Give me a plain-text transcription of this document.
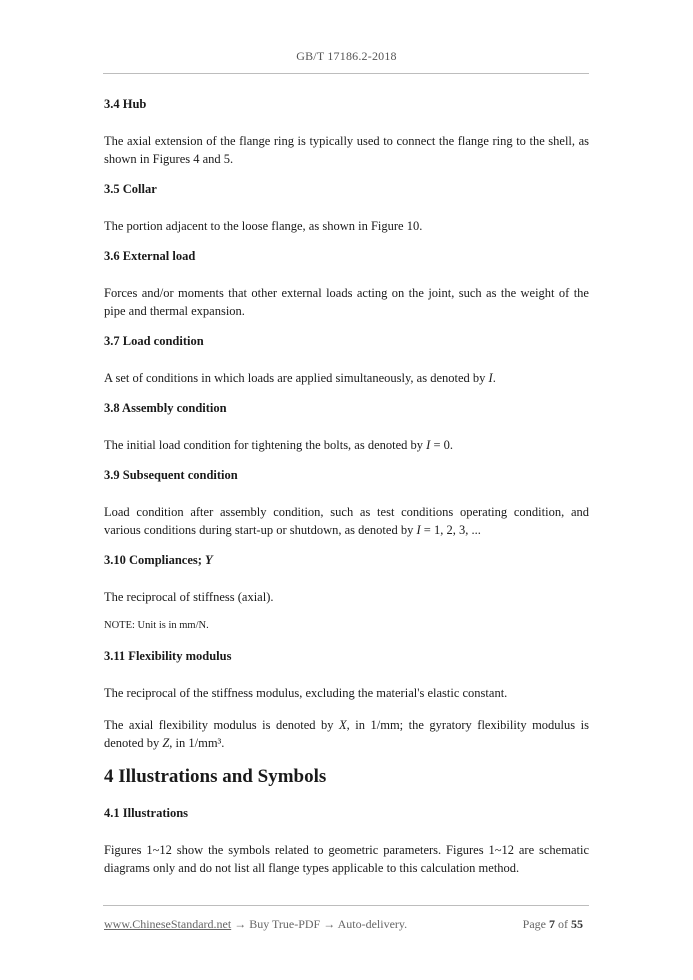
GB/T 17186.2-2018
3.4 Hub

The axial extension of the flange ring is typically used to connect the flange ring to the shell, as shown in Figures 4 and 5.

3.5 Collar

The portion adjacent to the loose flange, as shown in Figure 10.

3.6 External load

Forces and/or moments that other external loads acting on the joint, such as the weight of the pipe and thermal expansion.

3.7 Load condition

A set of conditions in which loads are applied simultaneously, as denoted by I.

3.8 Assembly condition

The initial load condition for tightening the bolts, as denoted by I = 0.

3.9 Subsequent condition

Load condition after assembly condition, such as test conditions operating condition, and various conditions during start-up or shutdown, as denoted by I = 1, 2, 3, ...

3.10 Compliances; Y

The reciprocal of stiffness (axial).

NOTE: Unit is in mm/N.
3.11 Flexibility modulus

The reciprocal of the stiffness modulus, excluding the material's elastic constant.

The axial flexibility modulus is denoted by X, in 1/mm; the gyratory flexibility modulus is denoted by Z, in 1/mm³.

4 Illustrations and Symbols
4.1 Illustrations

Figures 1~12 show the symbols related to geometric parameters. Figures 1~12 are schematic diagrams only and do not list all flange types applicable to this calculation method.

www.ChineseStandard.net → Buy True-PDF → Auto-delivery.	Page 7 of 55
